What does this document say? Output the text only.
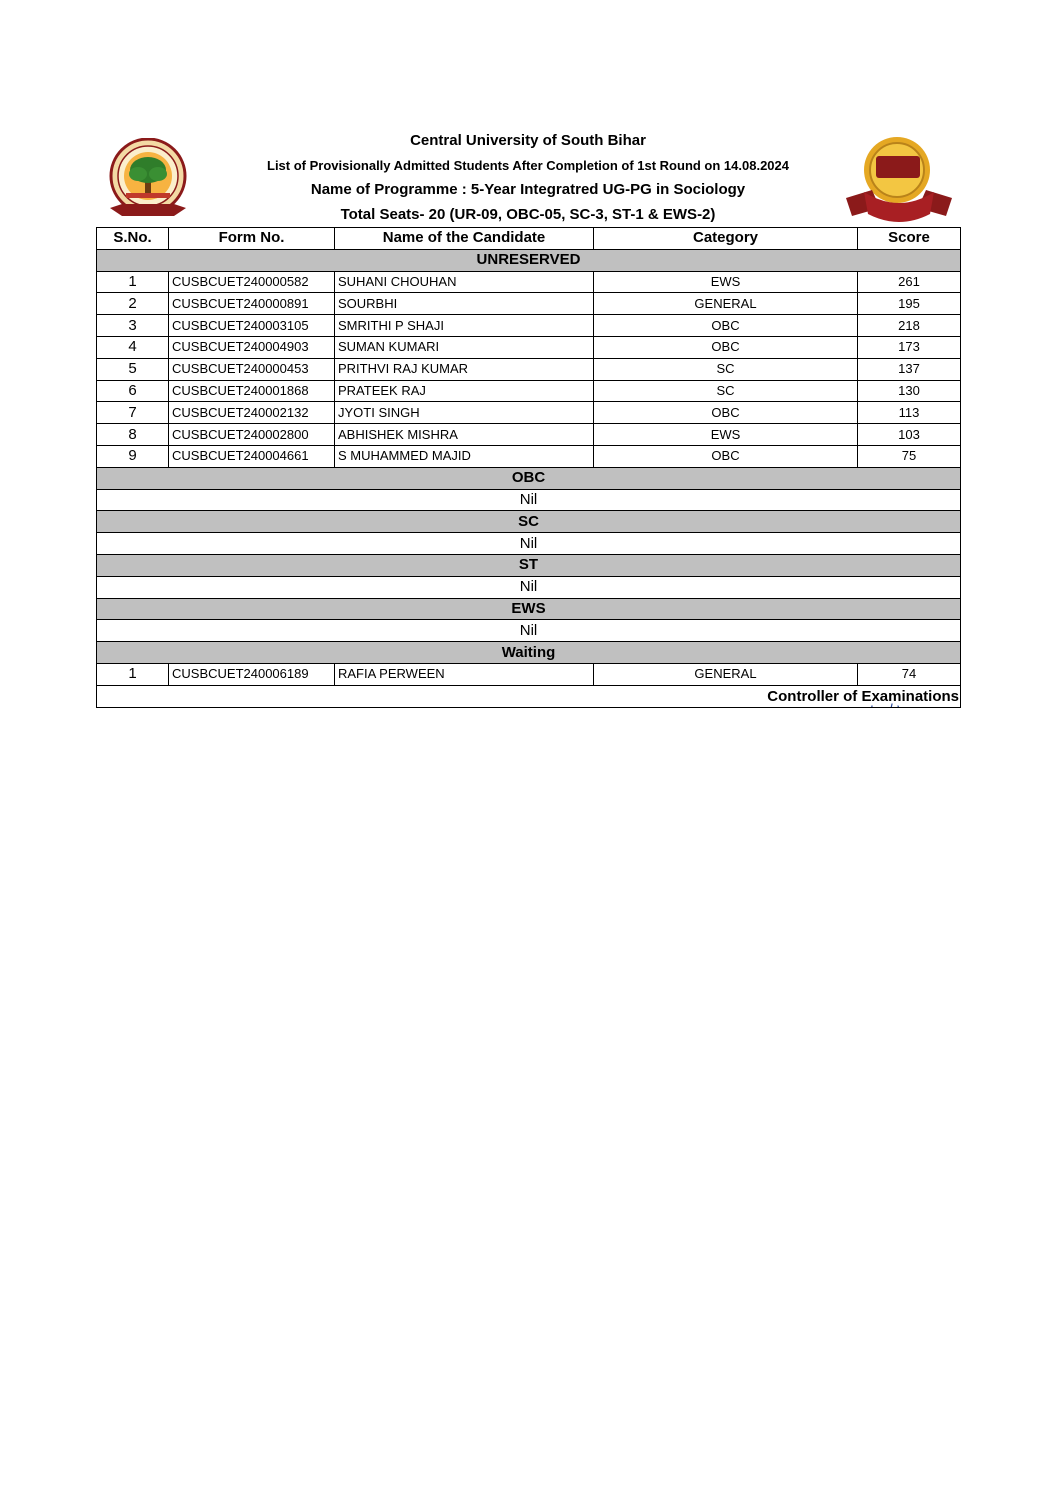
Central University of South Bihar
List of Provisionally Admitted Students After Completion of 1st Round on 14.08.2024
Name of Programme : 5-Year Integratred UG-PG in Sociology
Total Seats- 20 (UR-09, OBC-05, SC-3, ST-1 & EWS-2)
S.No.	Form No.	Name of the Candidate	Category	Score
UNRESERVED				
1	CUSBCUET240000582	SUHANI CHOUHAN	EWS	261
2	CUSBCUET240000891	SOURBHI	GENERAL	195
3	CUSBCUET240003105	SMRITHI P SHAJI	OBC	218
4	CUSBCUET240004903	SUMAN KUMARI	OBC	173
5	CUSBCUET240000453	PRITHVI RAJ KUMAR	SC	137
6	CUSBCUET240001868	PRATEEK RAJ	SC	130
7	CUSBCUET240002132	JYOTI SINGH	OBC	113
8	CUSBCUET240002800	ABHISHEK MISHRA	EWS	103
9	CUSBCUET240004661	S MUHAMMED MAJID	OBC	75
OBC				
Nil				
SC				
Nil				
ST				
Nil				
EWS				
Nil				
Waiting				
1	CUSBCUET240006189	RAFIA PERWEEN	GENERAL	74

Controller of Examinations				
